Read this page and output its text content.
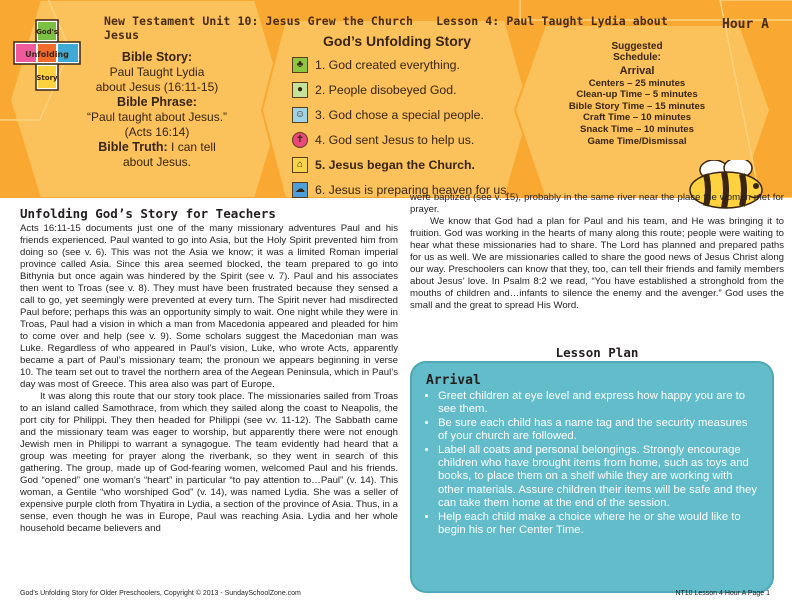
New Testament Unit 10: Jesus Grew the Church Lesson 4: Paul Taught Lydia about Jesus
Hour A
God's
Unfolding
Story
Bible Story:
Paul Taught Lydia
about Jesus (16:11-15)
Bible Phrase:
“Paul taught about Jesus.”
(Acts 16:14)
Bible Truth: I can tell
about Jesus.
God’s Unfolding Story
♣ 1. God created everything.
● 2. People disobeyed God.
☺ 3. God chose a special people.
✝ 4. God sent Jesus to help us.
⌂ 5. Jesus began the Church.
☁ 6. Jesus is preparing heaven for us.
Suggested
Schedule:
Arrival
Centers – 25 minutes
Clean-up Time – 5 minutes
Bible Story Time – 15 minutes
Craft Time – 10 minutes
Snack Time – 10 minutes
Game Time/Dismissal
Unfolding God’s Story for Teachers

Acts 16:11-15 documents just one of the many missionary adventures Paul and his friends experienced. Paul wanted to go into Asia, but the Holy Spirit prevented him from doing so (see v. 6). This was not the Asia we know; it was a limited Roman imperial province called Asia. Since this area seemed blocked, the team prepared to go into Bithynia but once again was hindered by the Spirit (see v. 7). Paul and his associates then went to Troas (see v. 8). They must have been frustrated because they sensed a call to go, yet seemingly were prevented at every turn. The Spirit never had misdirected Paul before; perhaps this was an opportunity simply to wait. One night while they were in Troas, Paul had a vision in which a man from Macedonia appeared and pleaded for him to come over and help (see v. 9). Some scholars suggest the Macedonian man was Luke. Regardless of who appeared in Paul’s vision, Luke, who wrote Acts, apparently became a part of Paul’s missionary team; the pronoun we appears beginning in verse 10. The team set out to travel the northern area of the Aegean Peninsula, which in Paul’s day was most of Greece. This area also was part of Europe.

It was along this route that our story took place. The missionaries sailed from Troas to an island called Samothrace, from which they sailed along the coast to Neapolis, the port city for Philippi. They then headed for Philippi (see vv. 11-12). The Sabbath came and the missionary team was eager to worship, but apparently there were not enough Jewish men in Philippi to warrant a synagogue. The team evidently had heard that a group was meeting for prayer along the riverbank, so they went in search of this gathering. The group, made up of God-fearing women, welcomed Paul and his friends. God “opened” one woman’s “heart” in particular “to pay attention to…Paul” (v. 14). This woman, a Gentile “who worshiped God” (v. 14), was named Lydia. She was a seller of expensive purple cloth from Thyatira in Lydia, a section of the province of Asia. Thus, in a sense, even though he was in Europe, Paul was reaching Asia. Lydia and her whole household became believers and

were baptized (see v. 15), probably in the same river near the place the women met for prayer.

We know that God had a plan for Paul and his team, and He was bringing it to fruition. God was working in the hearts of many along this route; people were waiting to hear what these missionaries had to share. The Lord has planned and prepared paths for us as well. We are missionaries called to share the good news of Jesus Christ along our way. Preschoolers can know that they, too, can tell their friends and family members about Jesus’ love. In Psalm 8:2 we read, “You have established a stronghold from the mouths of children and…infants to silence the enemy and the avenger.” God uses the small and the great to spread His Word.

Lesson Plan
Arrival
• Greet children at eye level and express how happy you are to see them.
• Be sure each child has a name tag and the security measures of your church are followed.
• Label all coats and personal belongings. Strongly encourage children who have brought items from home, such as toys and books, to place them on a shelf while they are working with other materials. Assure children their items will be safe and they can take them home at the end of the session.
• Help each child make a choice where he or she would like to begin his or her Center Time.
God’s Unfolding Story for Older Preschoolers, Copyright © 2013 - SundaySchoolZone.com	NT10 Lesson 4 Hour A Page 1
